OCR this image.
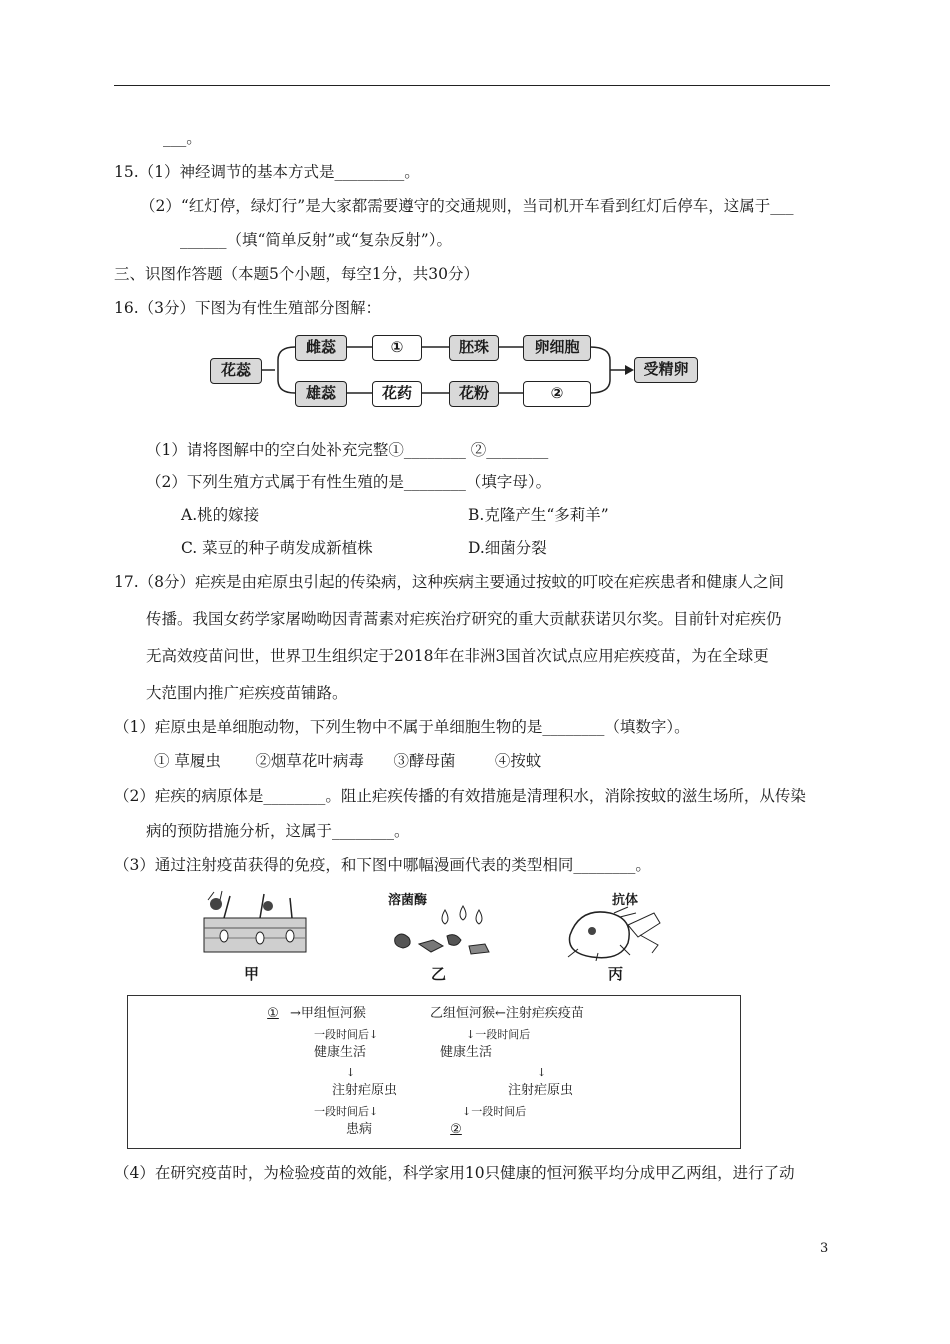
___。
15.（1）神经调节的基本方式是_________。
（2）“红灯停，绿灯行”是大家都需要遵守的交通规则，当司机开车看到红灯后停车，这属于___
______（填“简单反射”或“复杂反射”）。
三、识图作答题（本题5个小题，每空1分，共30分）
16.（3分）下图为有性生殖部分图解：
花蕊
雌蕊	①	胚珠	卵细胞
雄蕊	花药	花粉	②
受精卵
（1）请将图解中的空白处补充完整①________ ②________
（2）下列生殖方式属于有性生殖的是________（填字母）。
A.桃的嫁接	B.克隆产生“多莉羊”
C. 菜豆的种子萌发成新植株	D.细菌分裂
17.（8分）疟疾是由疟原虫引起的传染病，这种疾病主要通过按蚊的叮咬在疟疾患者和健康人之间
传播。我国女药学家屠呦呦因青蒿素对疟疾治疗研究的重大贡献获诺贝尔奖。目前针对疟疾仍
无高效疫苗问世，世界卫生组织定于2018年在非洲3国首次试点应用疟疾疫苗，为在全球更
大范围内推广疟疾疫苗铺路。
（1）疟原虫是单细胞动物，下列生物中不属于单细胞生物的是________（填数字）。
① 草履虫       ②烟草花叶病毒      ③酵母菌        ④按蚊
（2）疟疾的病原体是________。阻止疟疾传播的有效措施是清理积水，消除按蚊的滋生场所，从传染
病的预防措施分析，这属于________。
（3）通过注射疫苗获得的免疫，和下图中哪幅漫画代表的类型相同________。
甲
溶菌酶
乙
抗体
丙
① →甲组恒河猴	乙组恒河猴←注射疟疾疫苗
一段时间后↓	↓一段时间后
健康生活	健康生活
↓	↓
注射疟原虫	注射疟原虫
一段时间后↓	↓一段时间后
患病	②
（4）在研究疫苗时，为检验疫苗的效能，科学家用10只健康的恒河猴平均分成甲乙两组，进行了动
3
